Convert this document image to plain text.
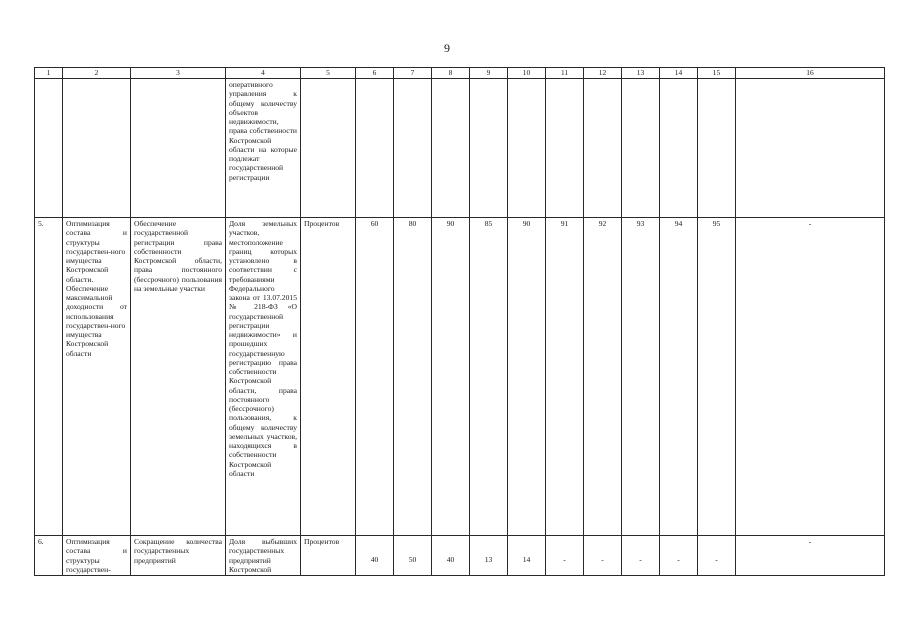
9
1	2	3	4	5	6	7	8	9	10	11	12	13	14	15	16
			оперативного управления к общему количеству объектов недвижимости, права собственности Костромской области на которые подлежат государственной регистрации												
5.	Оптимизация состава и структуры государствен-ного имущества Костромской области. Обеспечение максимальной доходности от использования государствен-ного имущества Костромской области	Обеспечение государственной регистрации права собственности Костромской области, права постоянного (бессрочного) пользования на земельные участки	Доля земельных участков, местоположение границ которых установлено в соответствии с требованиями Федерального закона от 13.07.2015 № 218-ФЗ «О государственной регистрации недвижимости» и прошедших государственную регистрацию права собственности Костромской области, права постоянного (бессрочного) пользования, к общему количеству земельных участков, находящихся в собственности Костромской области	Процентов	60	80	90	85	90	91	92	93	94	95	-
6.	Оптимизация состава и структуры государствен-	Сокращение количества государственных предприятий	Доля выбывших государственных предприятий Костромской	Процентов	40	50	40	13	14	-	-	-	-	-	-
